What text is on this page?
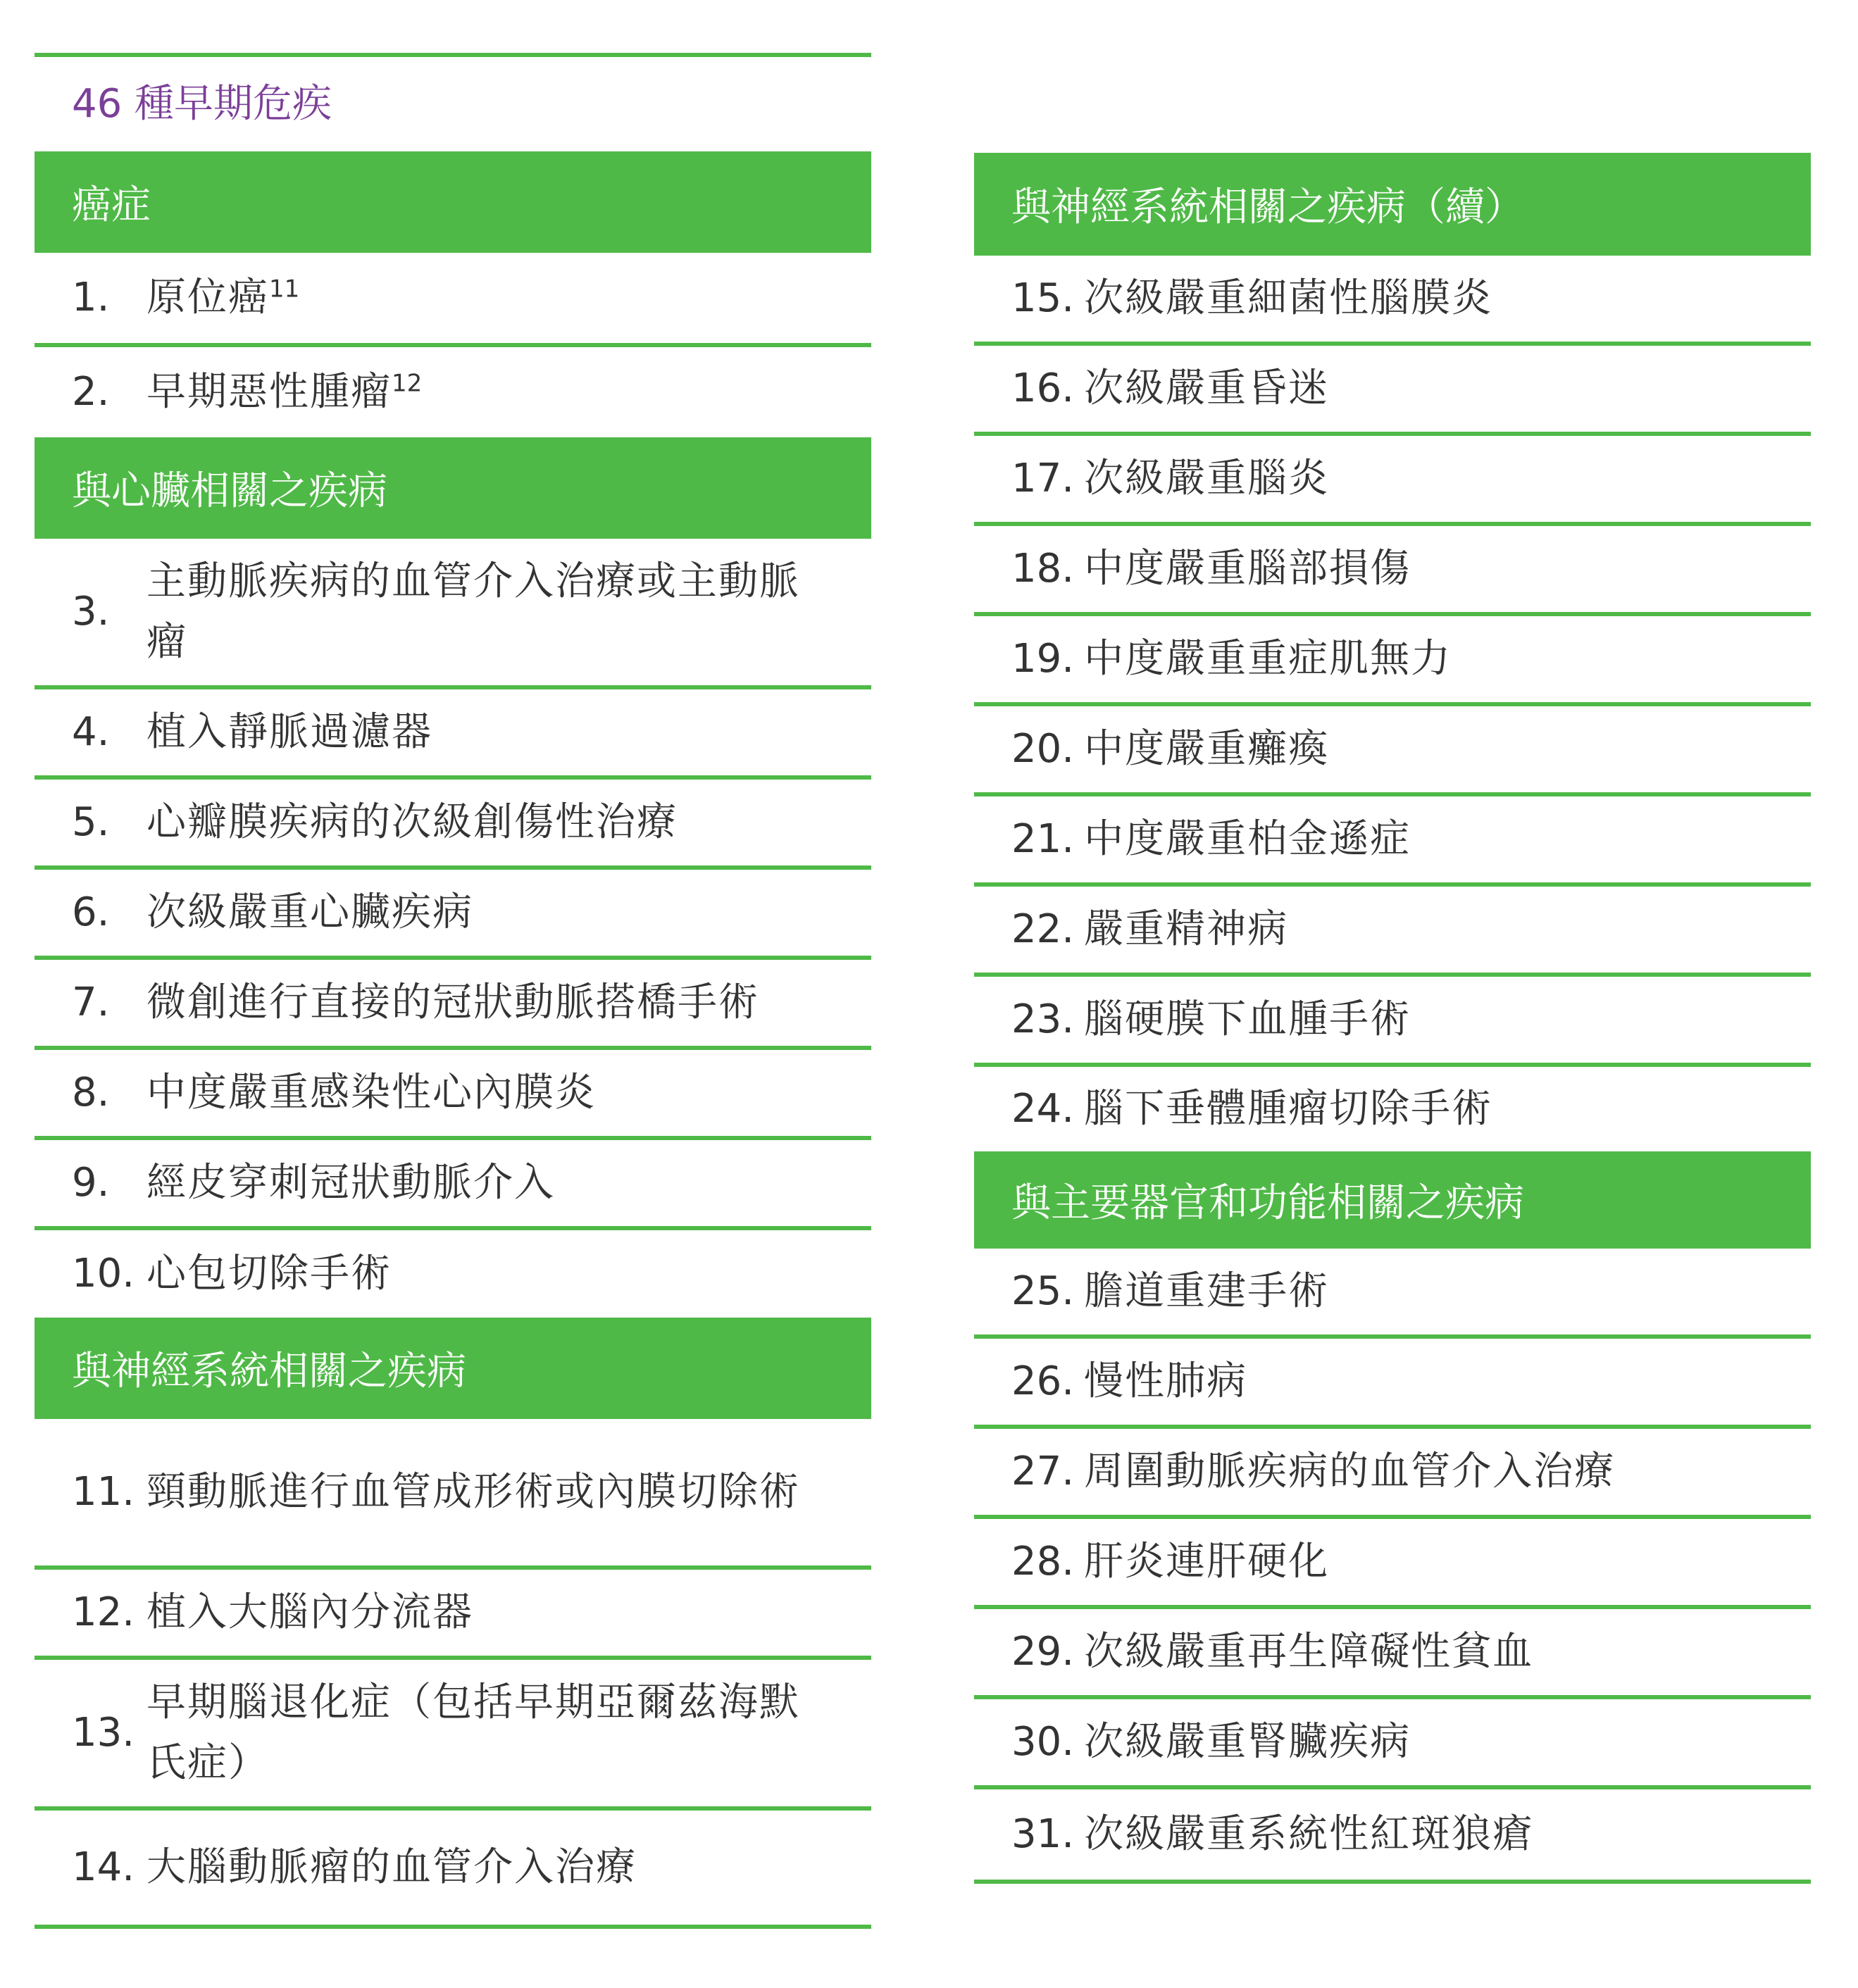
46 種早期危疾
癌症
1. 原位癌$^{11}$
2. 早期惡性腫瘤$^{12}$
與心臟相關之疾病
3.
主動脈疾病的血管介入治療或主動脈瘤
4. 植入靜脈過濾器
5. 心瓣膜疾病的次級創傷性治療
6. 次級嚴重心臟疾病
7. 微創進行直接的冠狀動脈搭橋手術
8. 中度嚴重感染性心內膜炎
9. 經皮穿刺冠狀動脈介入
10. 心包切除手術
與神經系統相關之疾病
11. 頸動脈進行血管成形術或內膜切除術
12. 植入大腦內分流器
13.
早期腦退化症（包括早期亞爾茲海默氏症）
14. 大腦動脈瘤的血管介入治療
與神經系統相關之疾病（續）
15. 次級嚴重細菌性腦膜炎
16. 次級嚴重昏迷
17. 次級嚴重腦炎
18. 中度嚴重腦部損傷
19. 中度嚴重重症肌無力
20. 中度嚴重癱瘓
21. 中度嚴重柏金遜症
22. 嚴重精神病
23. 腦硬膜下血腫手術
24. 腦下垂體腫瘤切除手術
與主要器官和功能相關之疾病
25. 膽道重建手術
26. 慢性肺病
27. 周圍動脈疾病的血管介入治療
28. 肝炎連肝硬化
29. 次級嚴重再生障礙性貧血
30. 次級嚴重腎臟疾病
31. 次級嚴重系統性紅斑狼瘡
